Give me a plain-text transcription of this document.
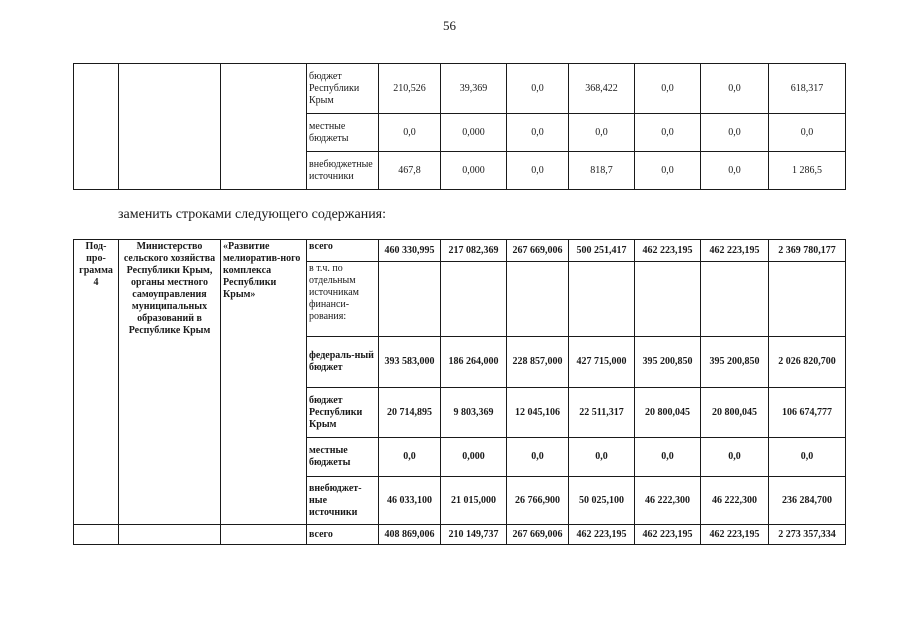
56
			бюджет Республики Крым	210,526	39,369	0,0	368,422	0,0	0,0	618,317
			местные бюджеты	0,0	0,000	0,0	0,0	0,0	0,0	0,0
			внебюджетные источники	467,8	0,000	0,0	818,7	0,0	0,0	1 286,5
заменить строками следующего содержания:
Под-про-грамма 4	Министерство сельского хозяйства Республики Крым, органы местного самоуправления муниципальных образований в Республике Крым	«Развитие мелиоратив-ного комплекса Республики Крым»	всего	460 330,995	217 082,369	267 669,006	500 251,417	462 223,195	462 223,195	2 369 780,177
			в т.ч. по отдельным источникам финанси-рования:							
			федераль-ный бюджет	393 583,000	186 264,000	228 857,000	427 715,000	395 200,850	395 200,850	2 026 820,700
			бюджет Республики Крым	20 714,895	9 803,369	12 045,106	22 511,317	20 800,045	20 800,045	106 674,777
			местные бюджеты	0,0	0,000	0,0	0,0	0,0	0,0	0,0
			внебюджет-ные источники	46 033,100	21 015,000	26 766,900	50 025,100	46 222,300	46 222,300	236 284,700
			всего	408 869,006	210 149,737	267 669,006	462 223,195	462 223,195	462 223,195	2 273 357,334
